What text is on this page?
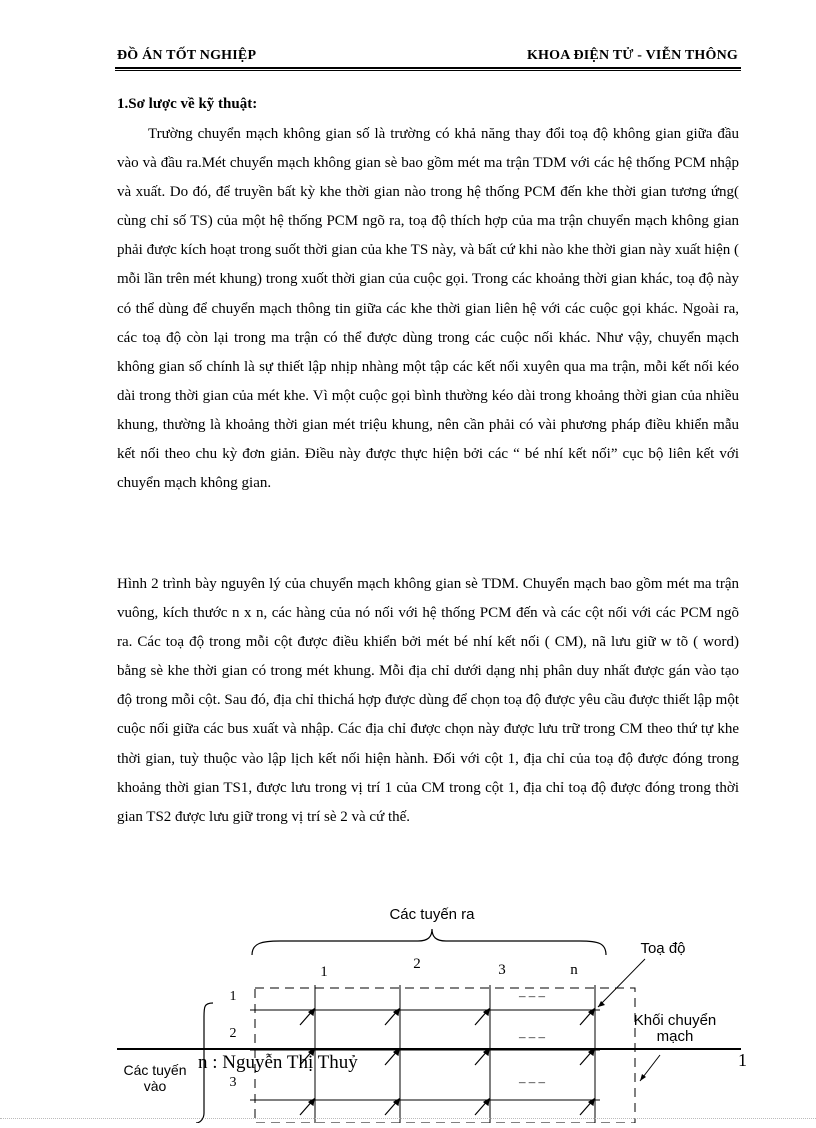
ĐỒ ÁN TỐT NGHIỆP	KHOA ĐIỆN TỬ - VIỄN THÔNG
1.Sơ lược về kỹ thuật:

Trường chuyển mạch không gian số là trường có khả năng thay đổi toạ độ không gian giữa đầu vào và đầu ra.Mét chuyển mạch không gian sè bao gồm mét ma trận TDM với các hệ thống PCM nhập và xuất. Do đó, để truyền bất kỳ khe thời gian nào trong hệ thống PCM đến khe thời gian tương ứng( cùng chỉ số TS) của một hệ thống PCM ngõ ra, toạ độ thích hợp của ma trận chuyển mạch không gian phải được kích hoạt trong suốt thời gian của khe TS này, và bất cứ khi nào khe thời gian này xuất hiện ( mỗi lần trên mét khung) trong xuốt thời gian của cuộc gọi. Trong các khoảng thời gian khác, toạ độ này có thể dùng để chuyển mạch thông tin giữa các khe thời gian liên hệ với các cuộc gọi khác. Ngoài ra, các toạ độ còn lại trong ma trận có thể được dùng trong các cuộc nối khác. Như vậy, chuyển mạch không gian số chính là sự thiết lập nhịp nhàng một tập các kết nối xuyên qua ma trận, mỗi kết nối kéo dài trong thời gian của mét khe. Vì một cuộc gọi bình thường kéo dài trong khoảng thời gian của nhiều khung, thường là khoảng thời gian mét triệu khung, nên cần phải có vài phương pháp điều khiển mẫu kết nối theo chu kỳ đơn giản. Điều này được thực hiện bởi các “ bé nhí kết nối” cục bộ liên kết với chuyển mạch không gian.

Hình 2 trình bày nguyên lý của chuyển mạch không gian sè TDM. Chuyển mạch bao gồm mét ma trận vuông, kích thước n x n, các hàng của nó nối với hệ thống PCM đến và các cột nối với các PCM ngõ ra. Các toạ độ trong mỗi cột được điều khiển bởi mét bé nhí kết nối ( CM), nã lưu giữ w tõ ( word) bằng sè khe thời gian có trong mét khung. Mỗi địa chỉ dưới dạng nhị phân duy nhất được gán vào tạo độ trong mỗi cột. Sau đó, địa chỉ thichá hợp được dùng để chọn toạ độ được yêu cầu được thiết lập một cuộc nối giữa các bus xuất và nhập. Các địa chỉ được chọn này được lưu trữ trong CM theo thứ tự khe thời gian, tuỳ thuộc vào lập lịch kết nối hiện hành. Đối với cột 1, địa chỉ của toạ độ được đóng trong khoảng thời gian TS1, được lưu trong vị trí 1 của CM trong cột 1, địa chỉ toạ độ được đóng trong thời gian TS2 được lưu giữ trong vị trí sè 2 và cứ thế.

Các tuyến ra
1	2	3	n
1
2
3
– – –
– – –
– – –
Toạ độ
Khối chuyển
mạch
Các tuyến
vào
n : Nguyễn Thị Thuỷ	1
